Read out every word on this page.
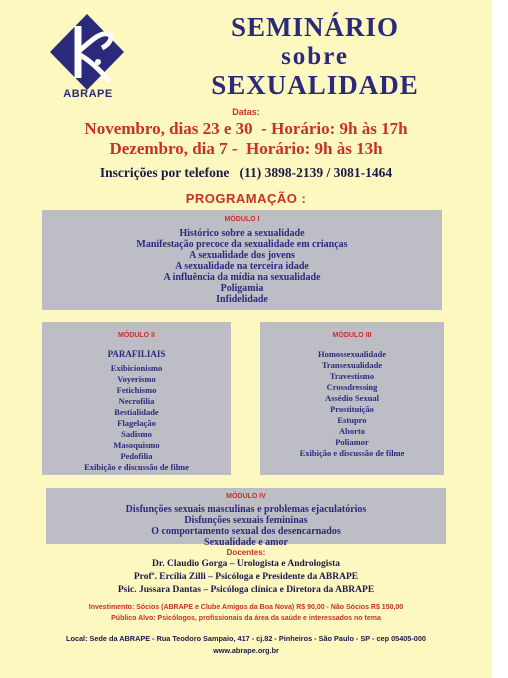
ABRAPE
SEMINÁRIO
sobre
SEXUALIDADE
Datas:
Novembro, dias 23 e 30  - Horário: 9h às 17h
Dezembro, dia 7 -  Horário: 9h às 13h
Inscrições por telefone   (11) 3898-2139 / 3081-1464
PROGRAMAÇÃO :
MÓDULO I
Histórico sobre a sexualidade
Manifestação precoce da sexualidade em crianças
A sexualidade dos jovens
A sexualidade na terceira idade
A influência da mídia na sexualidade
Poligamia
Infidelidade
MÓDULO II
PARAFILIAIS
Exibicionismo
Voyerismo
Fetichismo
Necrofilia
Bestialidade
Flagelação
Sadismo
Masoquismo
Pedofilia
Exibição e discussão de filme
MÓDULO III
Homossexualidade
Transexualidade
Travestismo
Crossdressing
Assédio Sexual
Prostituição
Estupro
Aborto
Poliamor
Exibição e discussão de filme
MÓDULO IV
Disfunções sexuais masculinas e problemas ejaculatórios
Disfunções sexuais femininas
O comportamento sexual dos desencarnados
Sexualidade e amor
Docentes:
Dr. Claudio Gorga – Urologista e Andrologista
Profª. Ercília Zilli – Psicóloga e Presidente da ABRAPE
Psic. Jussara Dantas – Psicóloga clínica e Diretora da ABRAPE
Investimento: Sócios (ABRAPE e Clube Amigos da Boa Nova) R$ 90,00 - Não Sócios R$ 150,00
Público Alvo: Psicólogos, profissionais da área da saúde e interessados no tema
Local: Sede da ABRAPE - Rua Teodoro Sampaio, 417 - cj.82 - Pinheiros - São Paulo - SP - cep 05405-000
www.abrape.org.br
